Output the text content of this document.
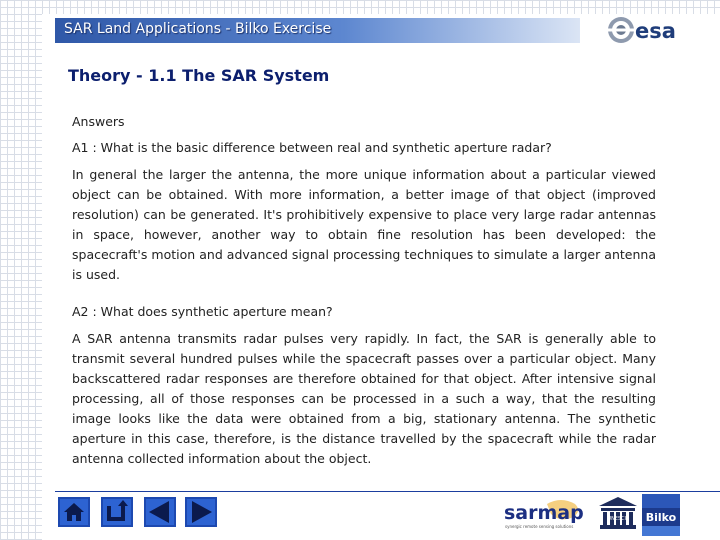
SAR Land Applications - Bilko Exercise	esa
Theory - 1.1 The SAR System

Answers

A1 : What is the basic difference between real and synthetic aperture radar?

In general the larger the antenna, the more unique information about a particular viewed object can be obtained. With more information, a better image of that object (improved resolution) can be generated. It's prohibitively expensive to place very large radar antennas in space, however, another way to obtain fine resolution has been developed: the spacecraft's motion and advanced signal processing techniques to simulate a larger antenna is used.

A2 : What does synthetic aperture mean?

A SAR antenna transmits radar pulses very rapidly. In fact, the SAR is generally able to transmit several hundred pulses while the spacecraft passes over a particular object. Many backscattered radar responses are therefore obtained for that object. After intensive signal processing, all of those responses can be processed in a such a way, that the resulting image looks like the data were obtained from a big, stationary antenna. The synthetic aperture in this case, therefore, is the distance travelled by the spacecraft while the radar antenna collected information about the object.

sarmap
synergic remote sensing solutions
UNESCO Bilko
